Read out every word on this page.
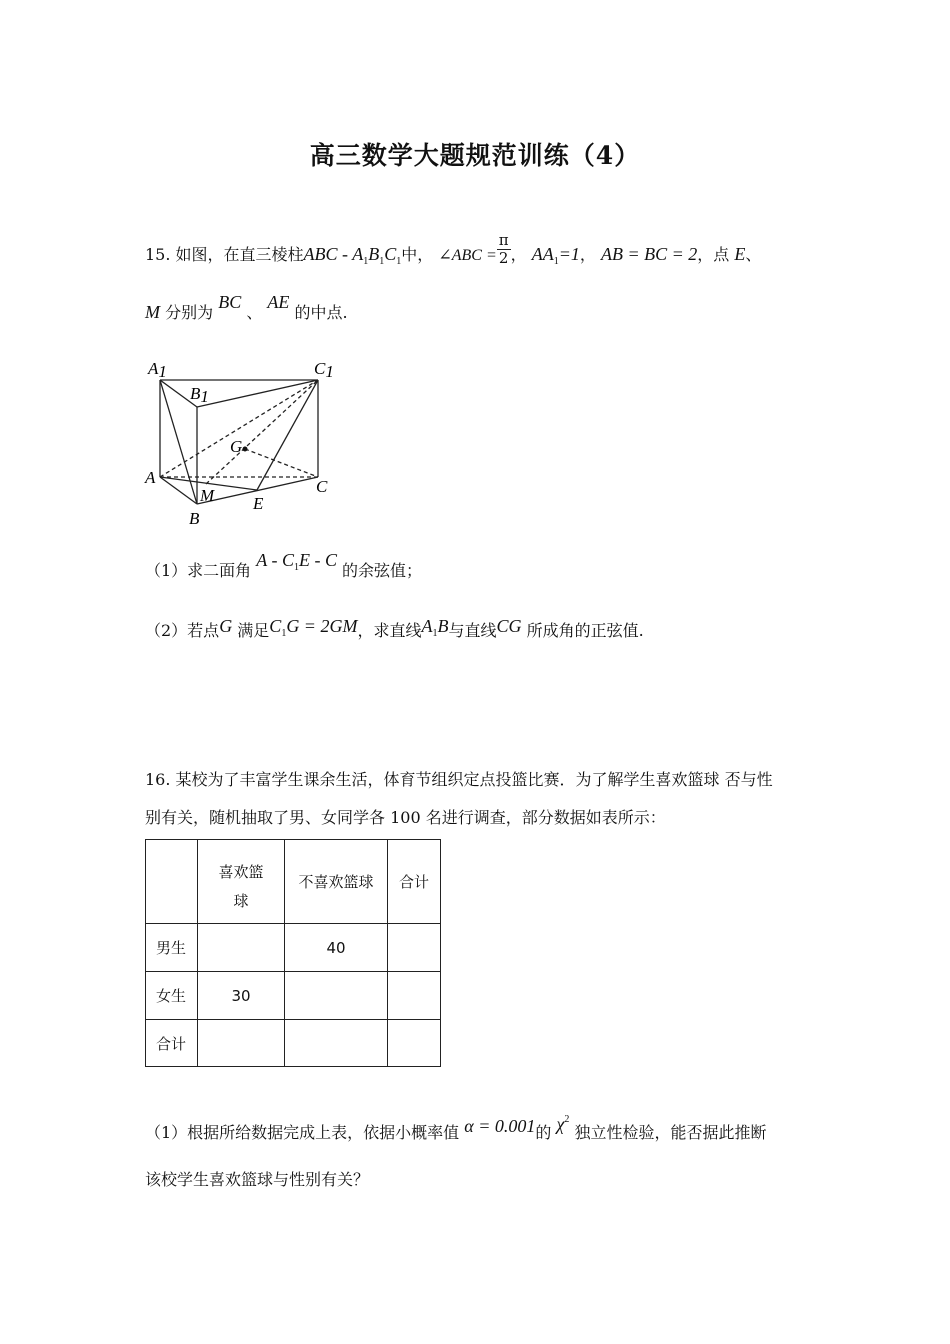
高三数学大题规范训练（4）
15. 如图，在直三棱柱ABC - $A_1B_1C_1$中， ∠ABC = $\frac{\pi}{2}$ ， $AA_1=1$， AB = BC = 2，点 E、
M 分别为 BC 、 AE 的中点.
A1
B1
C1
G
A
M	C
E
B
（1）求二面角 A - $C_1E$ - C 的余弦值；
（2）若点G 满足$C_1G = 2GM$，求直线$A_1B$与直线CG 所成角的正弦值.
16. 某校为了丰富学生课余生活，体育节组织定点投篮比赛．为了解学生喜欢篮球 否与性
别有关，随机抽取了男、女同学各 100 名进行调查，部分数据如表所示：

	喜欢篮
球	不喜欢篮球	合计
男生		40	
女生	30		
合计			
（1）根据所给数据完成上表，依据小概率值 α = 0.001的 $\chi^2$ 独立性检验，能否据此推断
该校学生喜欢篮球与性别有关？
